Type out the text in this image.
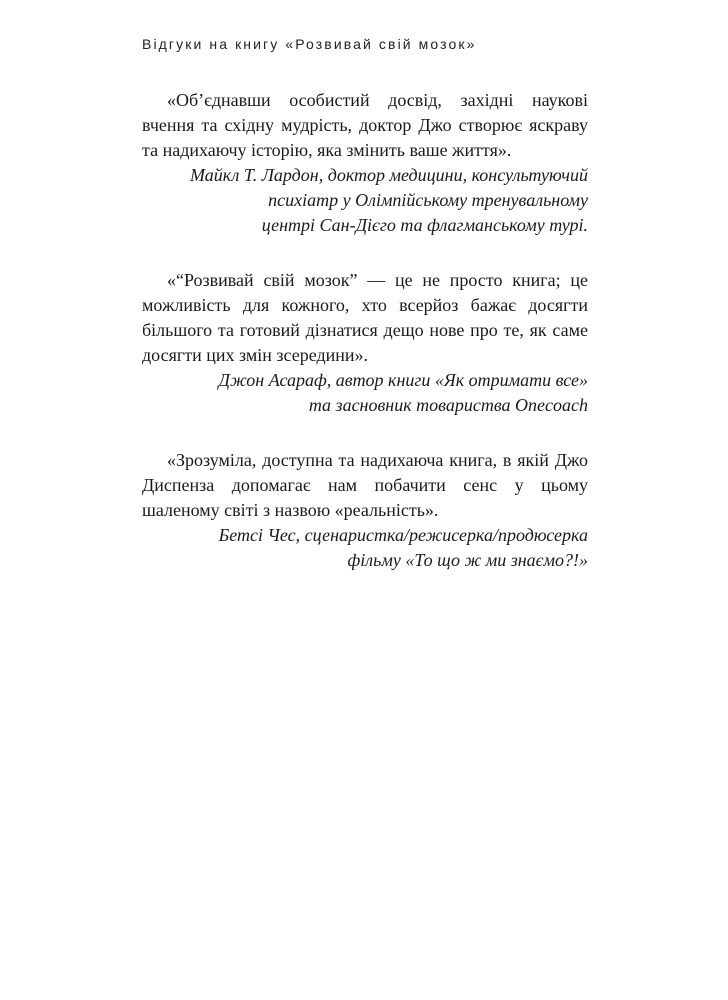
Відгуки на книгу «Розвивай свій мозок»

«Об’єднавши особистий досвід, західні наукові вчення та східну мудрість, доктор Джо створює яскраву та надихаючу історію, яка змінить ваше життя».

Майкл Т. Лардон, доктор медицини, консультуючий психіатр у Олімпійському тренувальному
центрі Сан-Дієго та флагманському турі.

«“Розвивай свій мозок” — це не просто книга; це можливість для кожного, хто всерйоз бажає досягти більшого та готовий дізнатися дещо нове про те, як саме досягти цих змін зсередини».

Джон Асараф, автор книги «Як отримати все»
та засновник товариства Onecoach

«Зрозуміла, доступна та надихаюча книга, в якій Джо Диспенза допомагає нам побачити сенс у цьому шаленому світі з назвою «реальність».

Бетсі Чес, сценаристка/режисерка/продюсерка
фільму «То що ж ми знаємо?!»
